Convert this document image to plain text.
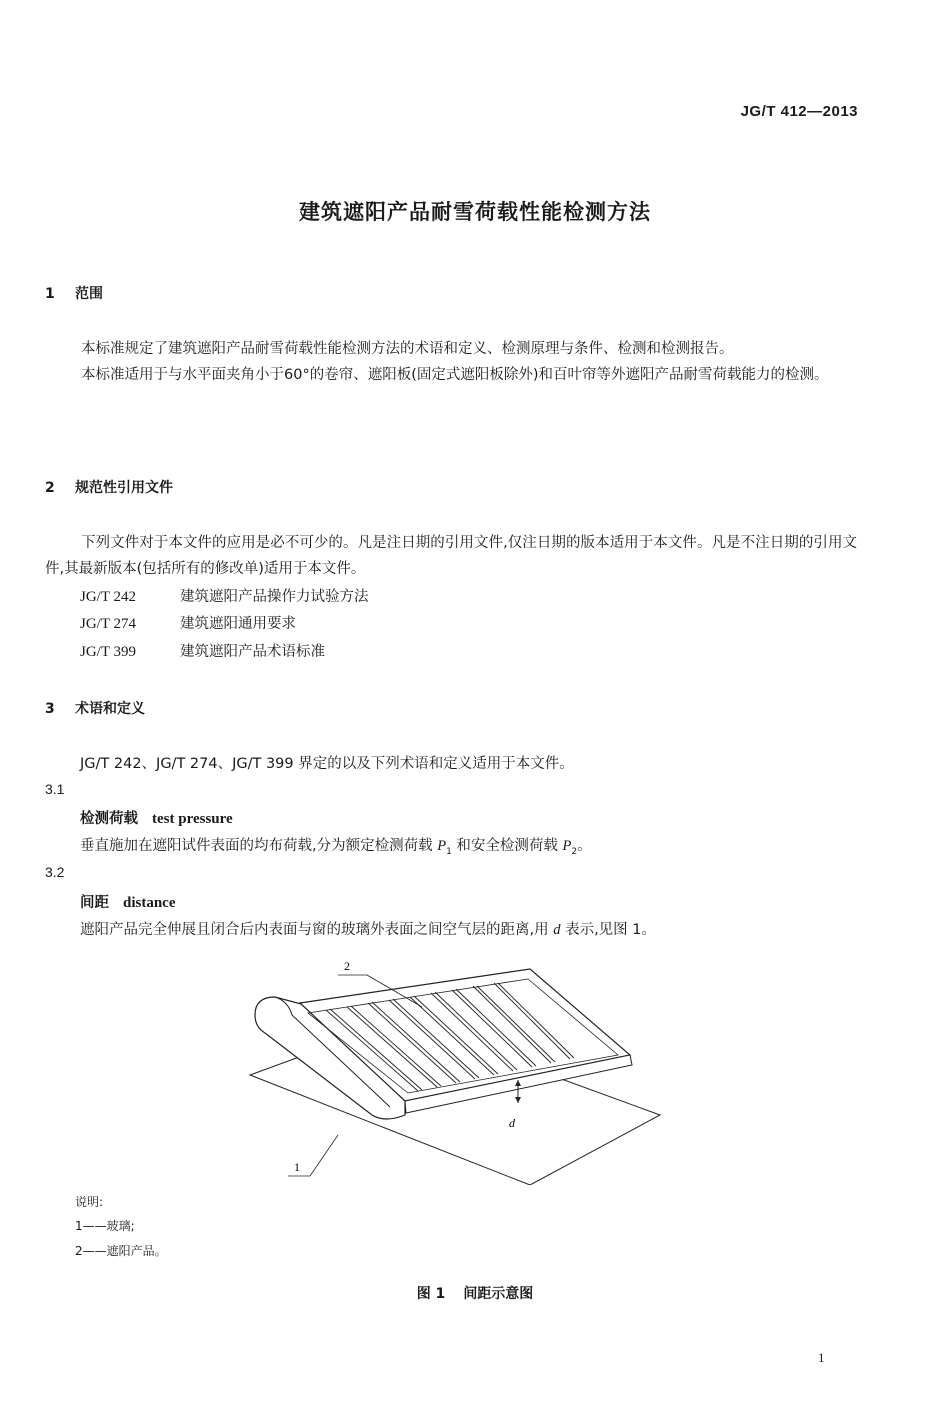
JG/T 412—2013
建筑遮阳产品耐雪荷载性能检测方法
1 范围

本标准规定了建筑遮阳产品耐雪荷载性能检测方法的术语和定义、检测原理与条件、检测和检测报告。

本标准适用于与水平面夹角小于60°的卷帘、遮阳板(固定式遮阳板除外)和百叶帘等外遮阳产品耐雪荷载能力的检测。

2 规范性引用文件

下列文件对于本文件的应用是必不可少的。凡是注日期的引用文件,仅注日期的版本适用于本文件。凡是不注日期的引用文件,其最新版本(包括所有的修改单)适用于本文件。

JG/T 242	建筑遮阳产品操作力试验方法
JG/T 274	建筑遮阳通用要求
JG/T 399	建筑遮阳产品术语标准
3 术语和定义
JG/T 242、JG/T 274、JG/T 399 界定的以及下列术语和定义适用于本文件。
3.1
检测荷载 test pressure
垂直施加在遮阳试件表面的均布荷载,分为额定检测荷载 $P_1$ 和安全检测荷载 $P_2$。
3.2
间距 distance
遮阳产品完全伸展且闭合后内表面与窗的玻璃外表面之间空气层的距离,用 d 表示,见图 1。
d
2
1
说明:
1——玻璃;
2——遮阳产品。
图 1 间距示意图
1
